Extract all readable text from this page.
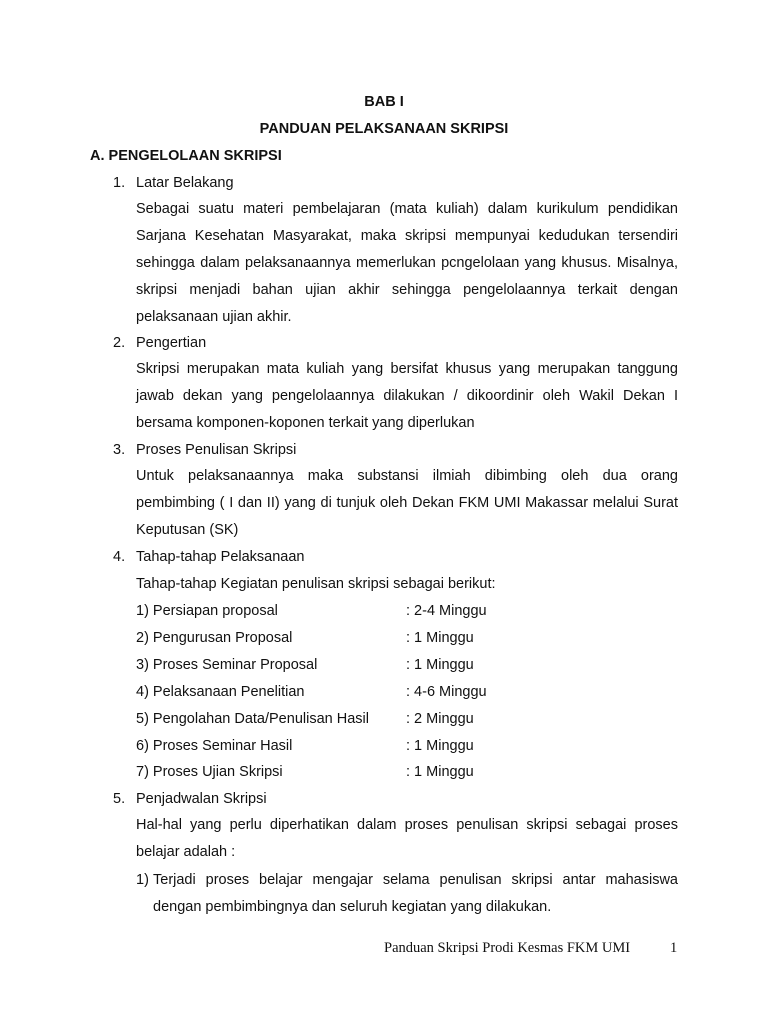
BAB I
PANDUAN PELAKSANAAN SKRIPSI
A. PENGELOLAAN SKRIPSI
1. Latar Belakang
Sebagai suatu materi pembelajaran (mata kuliah) dalam kurikulum pendidikan Sarjana Kesehatan Masyarakat, maka skripsi mempunyai kedudukan tersendiri sehingga dalam pelaksanaannya memerlukan pcngelolaan yang khusus. Misalnya, skripsi menjadi bahan ujian akhir sehingga pengelolaannya terkait dengan pelaksanaan ujian akhir.
2. Pengertian
Skripsi merupakan mata kuliah yang bersifat khusus yang merupakan tanggung jawab dekan yang pengelolaannya dilakukan / dikoordinir oleh Wakil Dekan I bersama komponen-koponen terkait yang diperlukan
3. Proses Penulisan Skripsi
Untuk pelaksanaannya maka substansi ilmiah dibimbing oleh dua orang pembimbing ( I dan II) yang di tunjuk oleh Dekan FKM UMI Makassar melalui Surat Keputusan (SK)
4. Tahap-tahap Pelaksanaan
Tahap-tahap Kegiatan penulisan skripsi sebagai berikut:
1) Persiapan proposal	: 2-4 Minggu
2) Pengurusan Proposal	: 1 Minggu
3) Proses Seminar Proposal	: 1 Minggu
4) Pelaksanaan Penelitian	: 4-6 Minggu
5) Pengolahan Data/Penulisan Hasil	: 2 Minggu
6) Proses Seminar Hasil	: 1 Minggu
7) Proses Ujian Skripsi	: 1 Minggu
5. Penjadwalan Skripsi
Hal-hal yang perlu diperhatikan dalam proses penulisan skripsi sebagai proses belajar adalah :
1) Terjadi proses belajar mengajar selama penulisan skripsi antar mahasiswa
dengan pembimbingnya dan seluruh kegiatan yang dilakukan.
Panduan Skripsi Prodi Kesmas FKM UMI	1
